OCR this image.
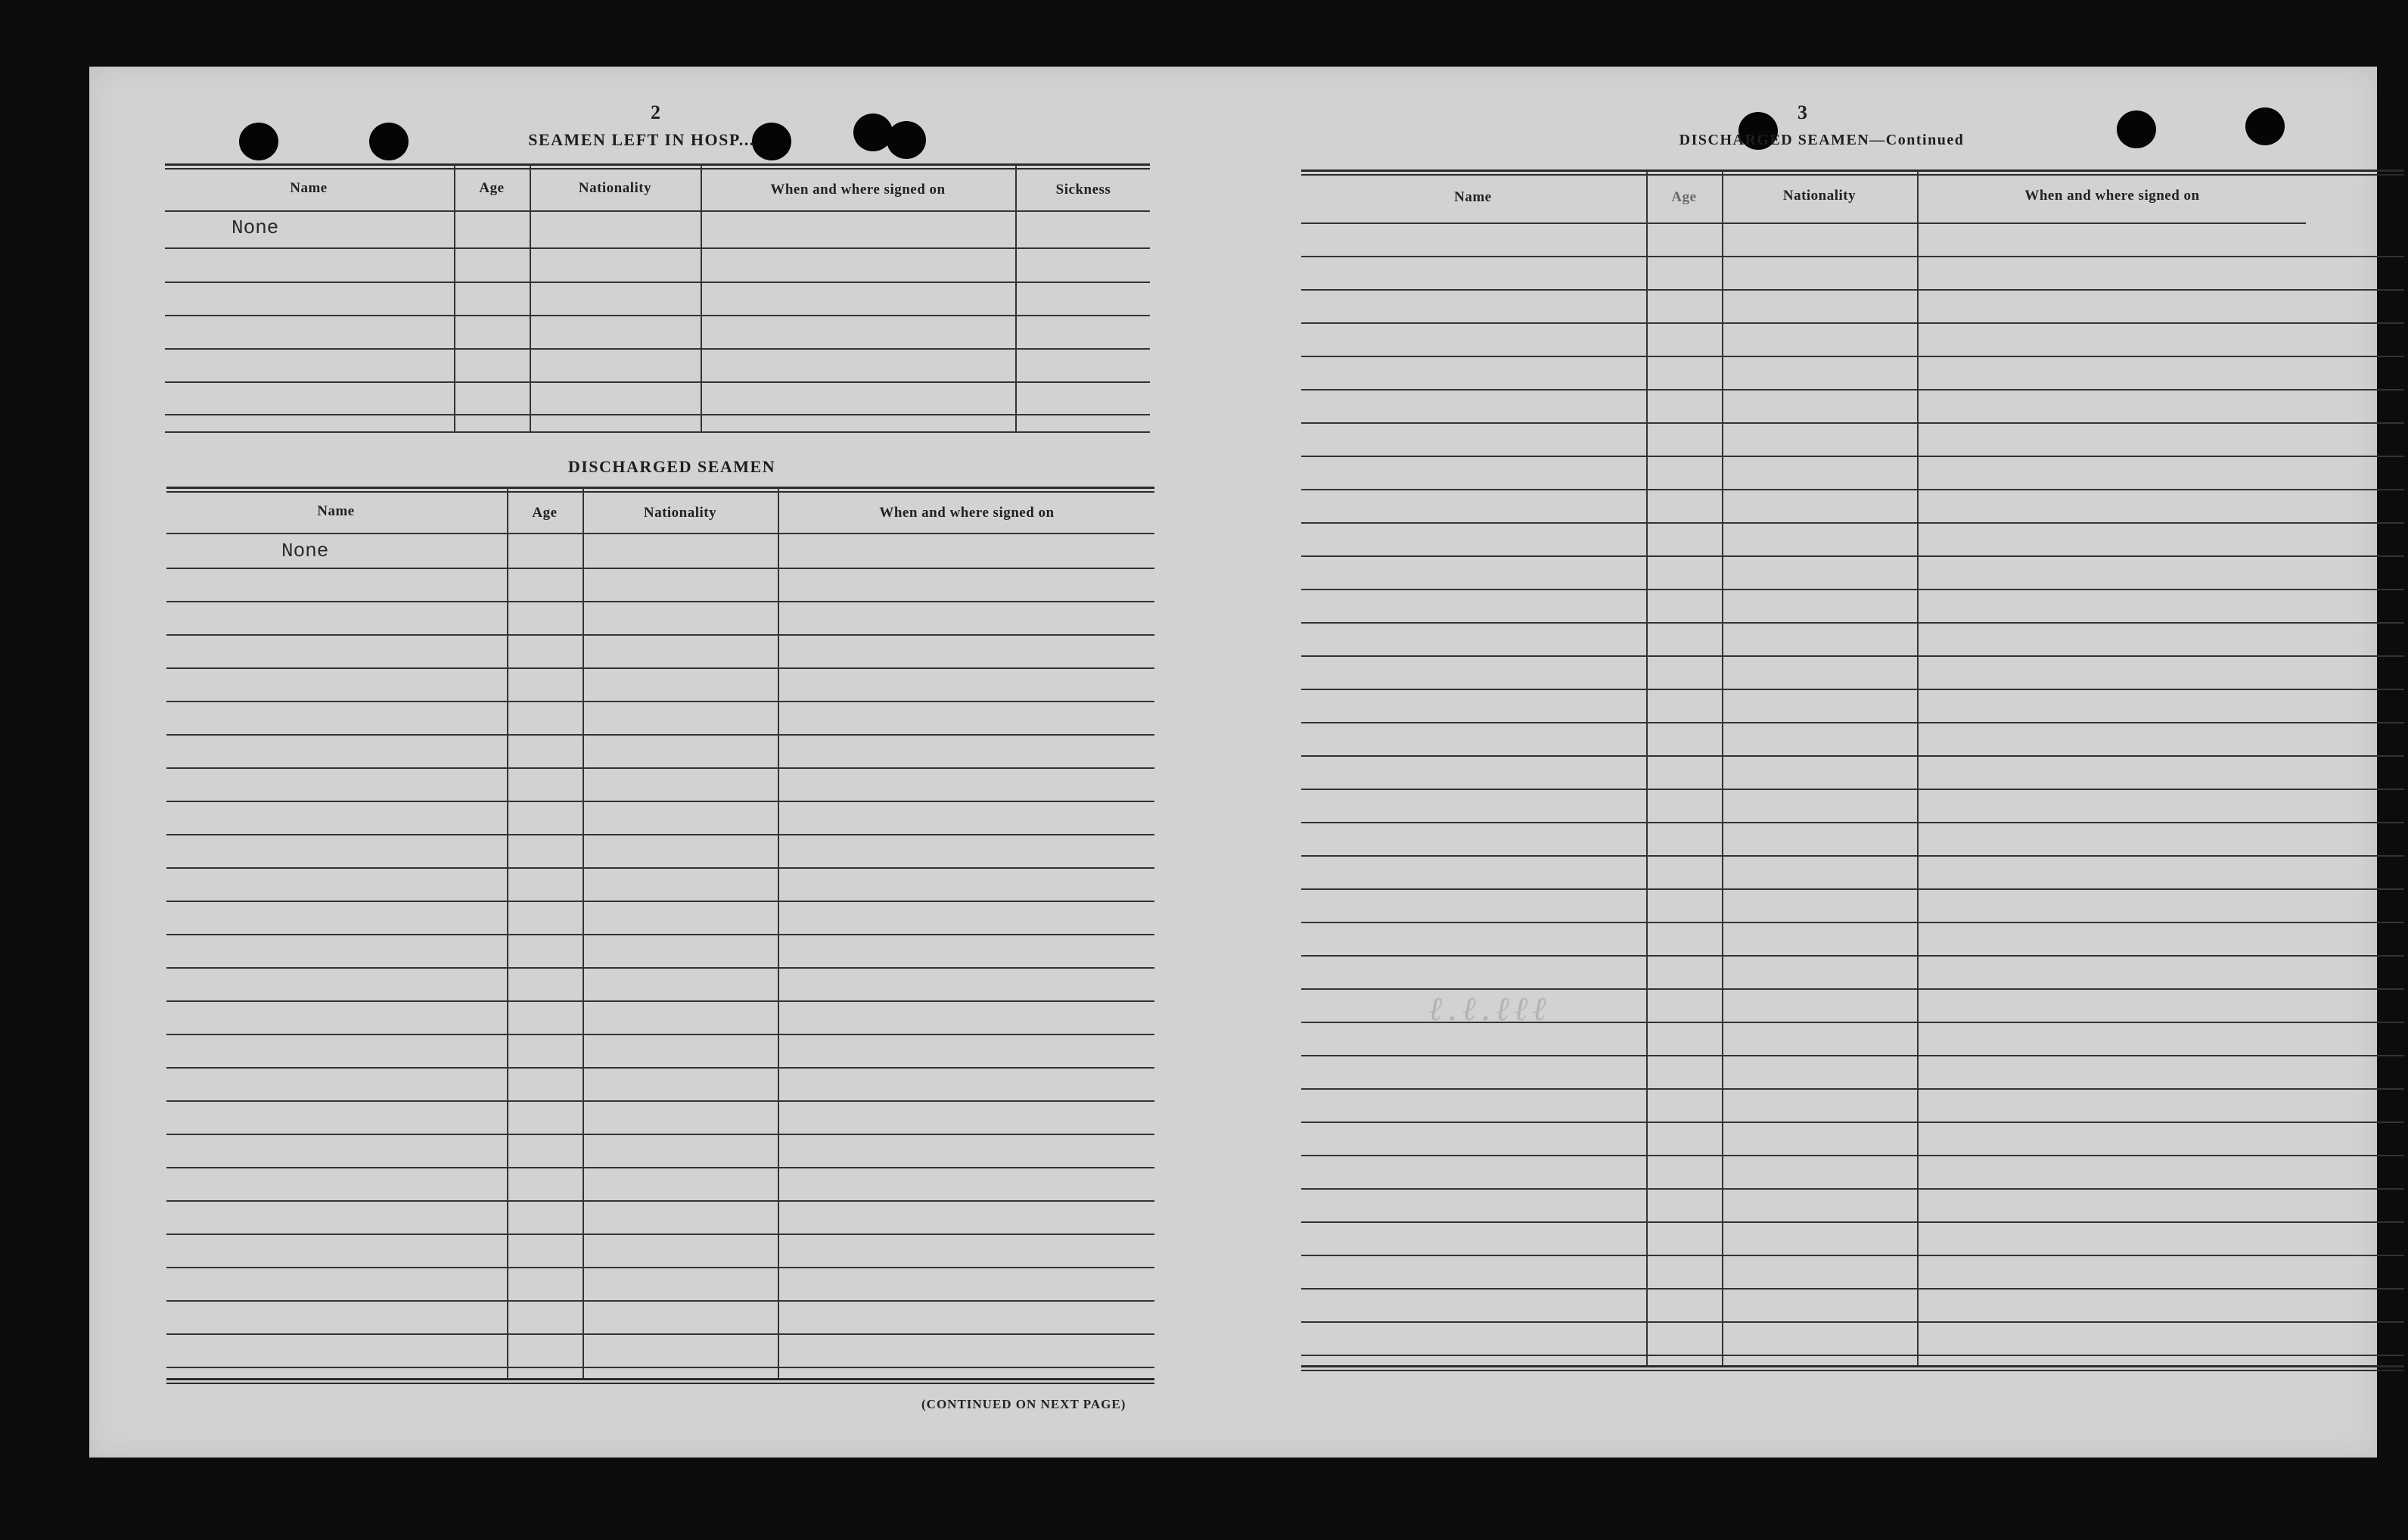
2
SEAMEN LEFT IN HOSP...
Name	Age	Nationality	When and where signed on	Sickness
None
DISCHARGED SEAMEN
Name	Age	Nationality	When and where signed on
None
(CONTINUED ON NEXT PAGE)
3
DISCHARGED SEAMEN—Continued
Name	Age	Nationality	When and where signed on
ℓ.ℓ.ℓℓℓ
